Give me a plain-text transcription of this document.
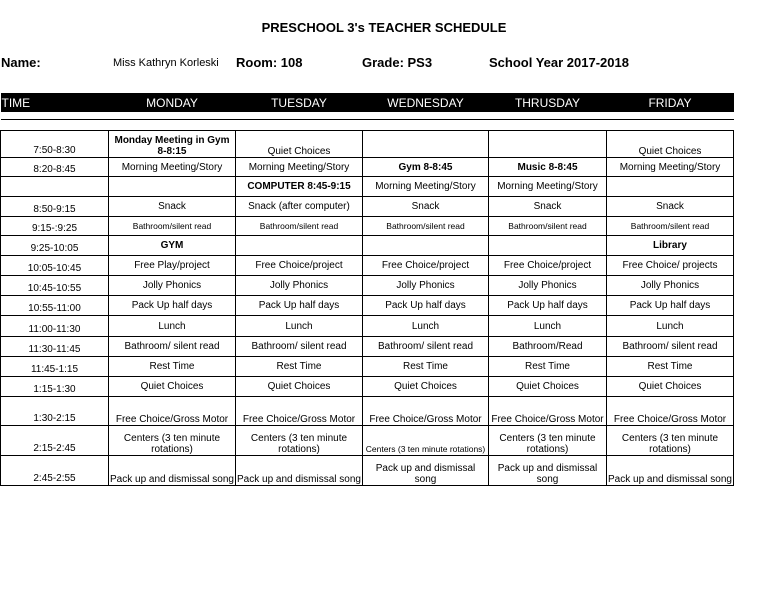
PRESCHOOL 3's TEACHER SCHEDULE
Name:	Miss Kathryn Korleski Room: 108	Grade: PS3	School Year 2017-2018
TIME	MONDAY	TUESDAY	WEDNESDAY	THRUSDAY	FRIDAY

7:50-8:30	Monday Meeting in Gym 8-8:15	Quiet Choices			Quiet Choices
8:20-8:45	Morning Meeting/Story	Morning Meeting/Story	Gym 8-8:45	Music 8-8:45	Morning Meeting/Story
		COMPUTER 8:45-9:15	Morning Meeting/Story	Morning Meeting/Story	
8:50-9:15	Snack	Snack (after computer)	Snack	Snack	Snack
9:15-:9:25	Bathroom/silent read	Bathroom/silent read	Bathroom/silent read	Bathroom/silent read	Bathroom/silent read
9:25-10:05	GYM				Library
10:05-10:45	Free Play/project	Free Choice/project	Free Choice/project	Free Choice/project	Free Choice/ projects
10:45-10:55	Jolly Phonics	Jolly Phonics	Jolly Phonics	Jolly Phonics	Jolly Phonics
10:55-11:00	Pack Up half days	Pack Up half days	Pack Up half days	Pack Up half days	Pack Up half days
11:00-11:30	Lunch	Lunch	Lunch	Lunch	Lunch
11:30-11:45	Bathroom/ silent read	Bathroom/ silent read	Bathroom/ silent read	Bathroom/Read	Bathroom/ silent read
11:45-1:15	Rest Time	Rest Time	Rest Time	Rest Time	Rest Time
1:15-1:30	Quiet Choices	Quiet Choices	Quiet Choices	Quiet Choices	Quiet Choices
1:30-2:15	Free Choice/Gross Motor	Free Choice/Gross Motor	Free Choice/Gross Motor	Free Choice/Gross Motor	Free Choice/Gross Motor
2:15-2:45	Centers (3 ten minute rotations)	Centers (3 ten minute rotations)	Centers (3 ten minute rotations)	Centers (3 ten minute rotations)	Centers (3 ten minute rotations)
2:45-2:55	Pack up and dismissal song	Pack up and dismissal song	Pack up and dismissal song	Pack up and dismissal song	Pack up and dismissal song
